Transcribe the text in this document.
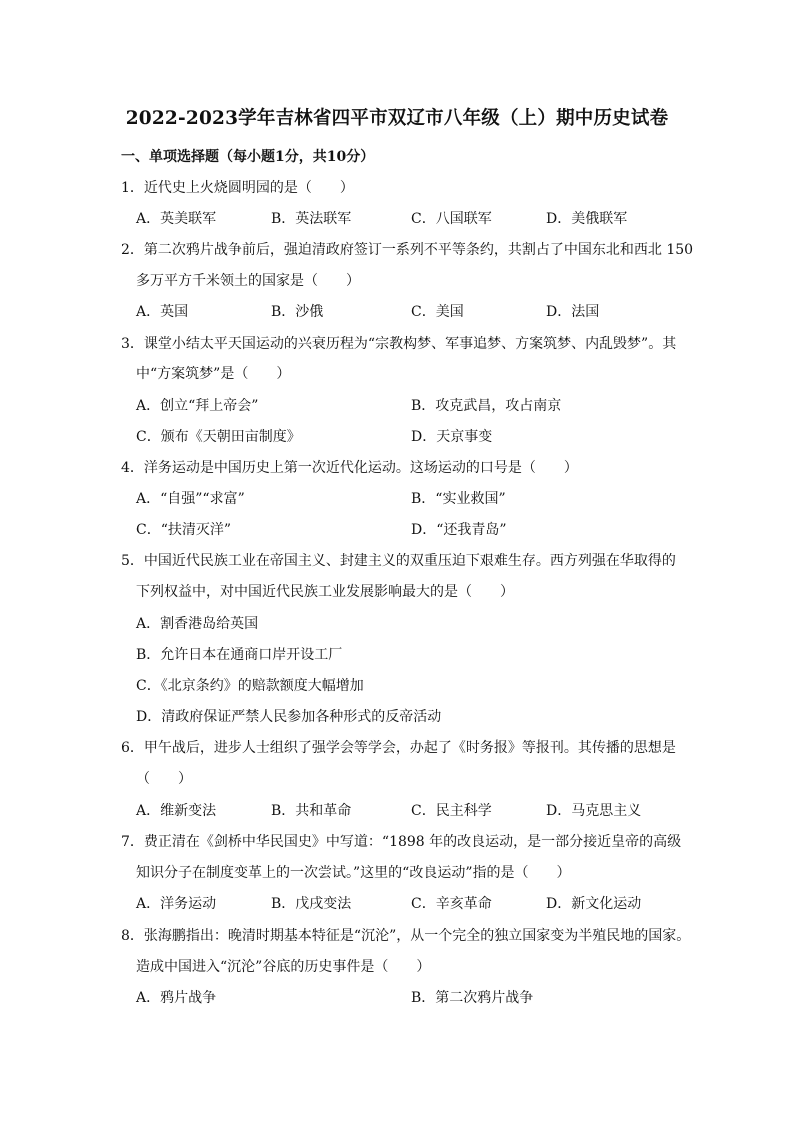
2022-2023学年吉林省四平市双辽市八年级（上）期中历史试卷
一、单项选择题（每小题1分，共10分）
1．近代史上火烧圆明园的是（　　）
A．英美联军	B．英法联军	C．八国联军	D．美俄联军
2．第二次鸦片战争前后，强迫清政府签订一系列不平等条约，共割占了中国东北和西北 150
多万平方千米领土的国家是（　　）
A．英国	B．沙俄	C．美国	D．法国
3．课堂小结太平天国运动的兴衰历程为“宗教构梦、军事追梦、方案筑梦、内乱毁梦”。其
中“方案筑梦”是（　　）
A．创立“拜上帝会”	B．攻克武昌，攻占南京
C．颁布《天朝田亩制度》	D．天京事变
4．洋务运动是中国历史上第一次近代化运动。这场运动的口号是（　　）
A．“自强”“求富”	B．“实业救国”
C．“扶清灭洋”	D．“还我青岛”
5．中国近代民族工业在帝国主义、封建主义的双重压迫下艰难生存。西方列强在华取得的
下列权益中，对中国近代民族工业发展影响最大的是（　　）
A．割香港岛给英国
B．允许日本在通商口岸开设工厂
C．《北京条约》的赔款额度大幅增加
D．清政府保证严禁人民参加各种形式的反帝活动
6．甲午战后，进步人士组织了强学会等学会，办起了《时务报》等报刊。其传播的思想是
（　　）
A．维新变法	B．共和革命	C．民主科学	D．马克思主义
7．费正清在《剑桥中华民国史》中写道：“1898 年的改良运动，是一部分接近皇帝的高级
知识分子在制度变革上的一次尝试。”这里的“改良运动”指的是（　　）
A．洋务运动	B．戊戌变法	C．辛亥革命	D．新文化运动
8．张海鹏指出：晚清时期基本特征是“沉沦”，从一个完全的独立国家变为半殖民地的国家。
造成中国进入“沉沦”谷底的历史事件是（　　）
A．鸦片战争	B．第二次鸦片战争
